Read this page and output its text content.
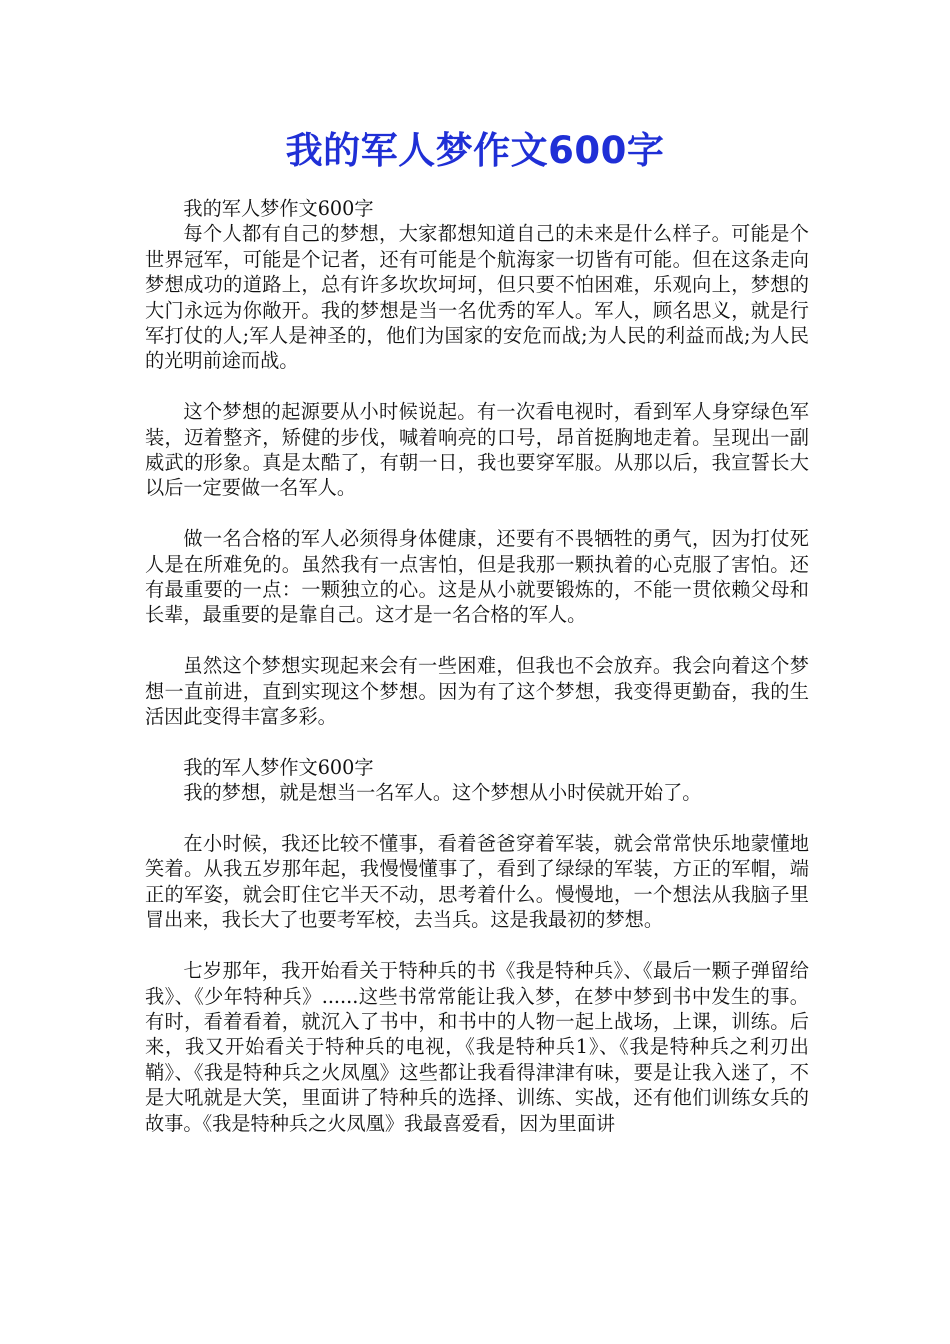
我的军人梦作文600字

我的军人梦作文600字

每个人都有自己的梦想，大家都想知道自己的未来是什么样子。可能是个世界冠军，可能是个记者，还有可能是个航海家一切皆有可能。但在这条走向梦想成功的道路上，总有许多坎坎坷坷，但只要不怕困难，乐观向上，梦想的大门永远为你敞开。我的梦想是当一名优秀的军人。军人，顾名思义，就是行军打仗的人;军人是神圣的，他们为国家的安危而战;为人民的利益而战;为人民的光明前途而战。

这个梦想的起源要从小时候说起。有一次看电视时，看到军人身穿绿色军装，迈着整齐，矫健的步伐，喊着响亮的口号，昂首挺胸地走着。呈现出一副威武的形象。真是太酷了，有朝一日，我也要穿军服。从那以后，我宣誓长大以后一定要做一名军人。

做一名合格的军人必须得身体健康，还要有不畏牺牲的勇气，因为打仗死人是在所难免的。虽然我有一点害怕，但是我那一颗执着的心克服了害怕。还有最重要的一点：一颗独立的心。这是从小就要锻炼的，不能一贯依赖父母和长辈，最重要的是靠自己。这才是一名合格的军人。

虽然这个梦想实现起来会有一些困难，但我也不会放弃。我会向着这个梦想一直前进，直到实现这个梦想。因为有了这个梦想，我变得更勤奋，我的生活因此变得丰富多彩。

我的军人梦作文600字

我的梦想，就是想当一名军人。这个梦想从小时侯就开始了。

在小时候，我还比较不懂事，看着爸爸穿着军装，就会常常快乐地蒙懂地笑着。从我五岁那年起，我慢慢懂事了，看到了绿绿的军装，方正的军帽，端正的军姿，就会盯住它半天不动，思考着什么。慢慢地，一个想法从我脑子里冒出来，我长大了也要考军校，去当兵。这是我最初的梦想。

七岁那年，我开始看关于特种兵的书《我是特种兵》、《最后一颗子弹留给我》、《少年特种兵》......这些书常常能让我入梦，在梦中梦到书中发生的事。有时，看着看着，就沉入了书中，和书中的人物一起上战场，上课，训练。后来，我又开始看关于特种兵的电视，《我是特种兵1》、《我是特种兵之利刃出鞘》、《我是特种兵之火凤凰》这些都让我看得津津有味，要是让我入迷了，不是大吼就是大笑，里面讲了特种兵的选择、训练、实战，还有他们训练女兵的故事。《我是特种兵之火凤凰》我最喜爱看，因为里面讲
